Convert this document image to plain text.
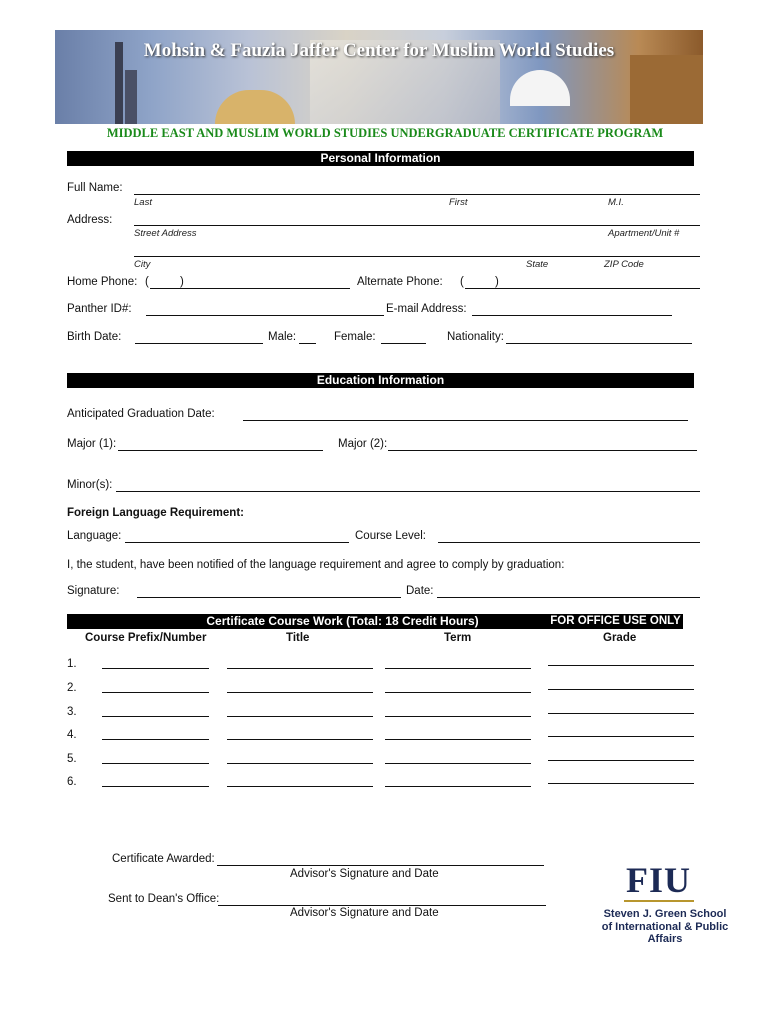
Mohsin & Fauzia Jaffer Center for Muslim World Studies
MIDDLE EAST AND MUSLIM WORLD STUDIES UNDERGRADUATE CERTIFICATE PROGRAM
Personal Information
Full Name:
Last	First	M.I.
Address:
Street Address	Apartment/Unit #
City	State	ZIP Code
Home Phone: (	)	Alternate Phone: (	)
Panther ID#:	E-mail Address:
Birth Date:	Male:	Female:	Nationality:
Education Information
Anticipated Graduation Date:
Major (1):	Major (2):
Minor(s):
Foreign Language Requirement:
Language:	Course Level:
I, the student, have been notified of the language requirement and agree to comply by graduation:
Signature:	Date:
Certificate Course Work (Total: 18 Credit Hours)	FOR OFFICE USE ONLY
Course Prefix/Number	Title	Term	Grade
1.
2.
3.
4.
5.
6.
Certificate Awarded:
Advisor's Signature and Date
Sent to Dean's Office:
Advisor's Signature and Date
FIU
Steven J. Green School of International & Public Affairs
